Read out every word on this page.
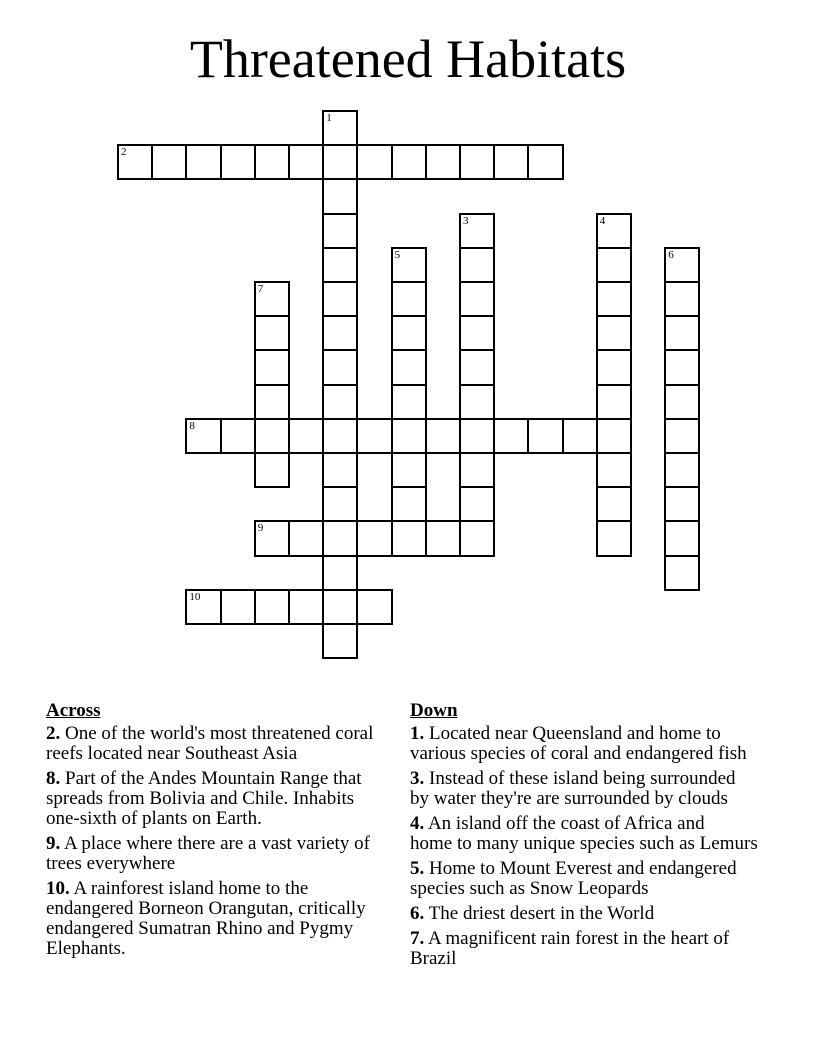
Threatened Habitats
1
2
3	4
5	6
7
8
9
10
Across

2. One of the world's most threatened coral
reefs located near Southeast Asia

8. Part of the Andes Mountain Range that
spreads from Bolivia and Chile. Inhabits
one-sixth of plants on Earth.

9. A place where there are a vast variety of
trees everywhere

10. A rainforest island home to the
endangered Borneon Orangutan, critically
endangered Sumatran Rhino and Pygmy
Elephants.

Down

1. Located near Queensland and home to
various species of coral and endangered fish

3. Instead of these island being surrounded
by water they're are surrounded by clouds

4. An island off the coast of Africa and
home to many unique species such as Lemurs

5. Home to Mount Everest and endangered
species such as Snow Leopards

6. The driest desert in the World

7. A magnificent rain forest in the heart of
Brazil
